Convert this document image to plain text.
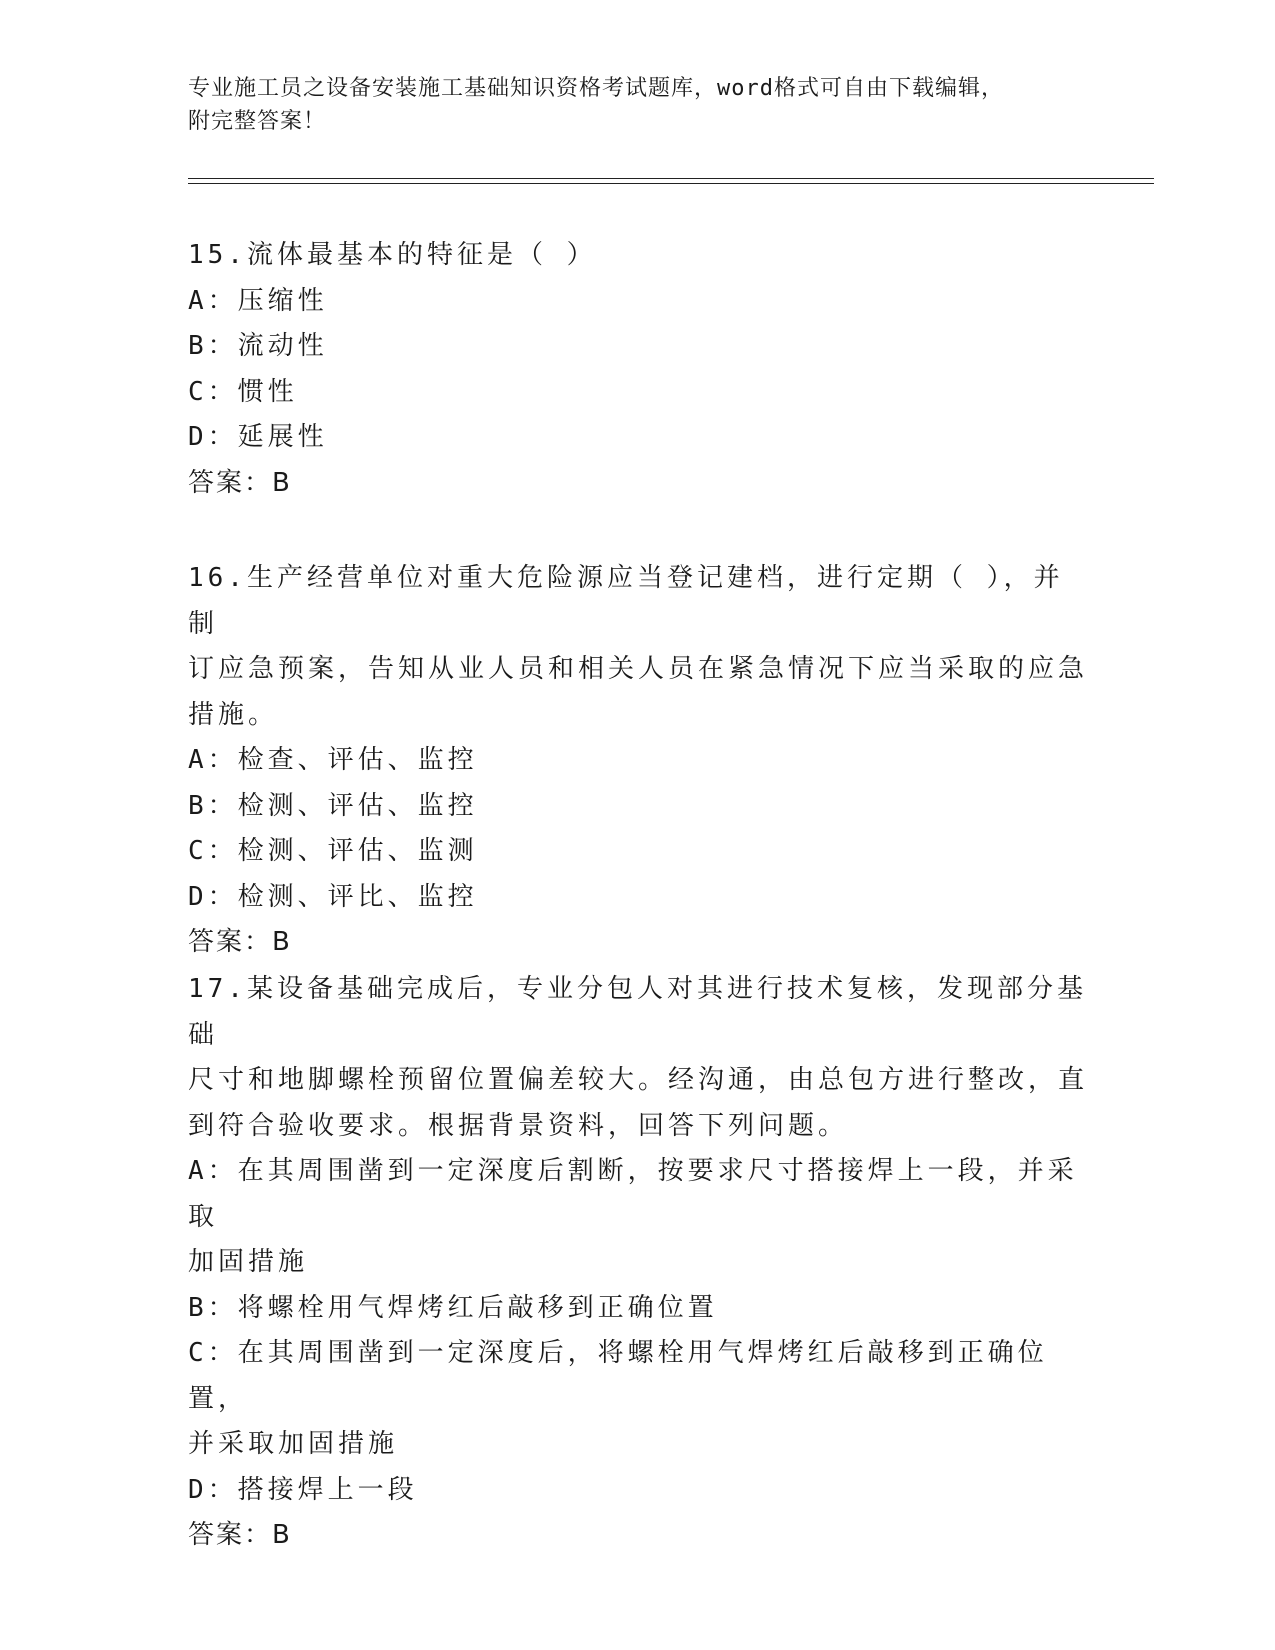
专业施工员之设备安装施工基础知识资格考试题库，word格式可自由下载编辑，
附完整答案！
15.流体最基本的特征是（ ）
A：压缩性
B：流动性
C：惯性
D：延展性
答案：B
16.生产经营单位对重大危险源应当登记建档，进行定期（ ），并制
订应急预案，告知从业人员和相关人员在紧急情况下应当采取的应急
措施。
A：检查、评估、监控
B：检测、评估、监控
C：检测、评估、监测
D：检测、评比、监控
答案：B
17.某设备基础完成后，专业分包人对其进行技术复核，发现部分基础
尺寸和地脚螺栓预留位置偏差较大。经沟通，由总包方进行整改，直
到符合验收要求。根据背景资料，回答下列问题。
A：在其周围凿到一定深度后割断，按要求尺寸搭接焊上一段，并采取
加固措施
B：将螺栓用气焊烤红后敲移到正确位置
C：在其周围凿到一定深度后，将螺栓用气焊烤红后敲移到正确位置，
并采取加固措施
D：搭接焊上一段
答案：B
